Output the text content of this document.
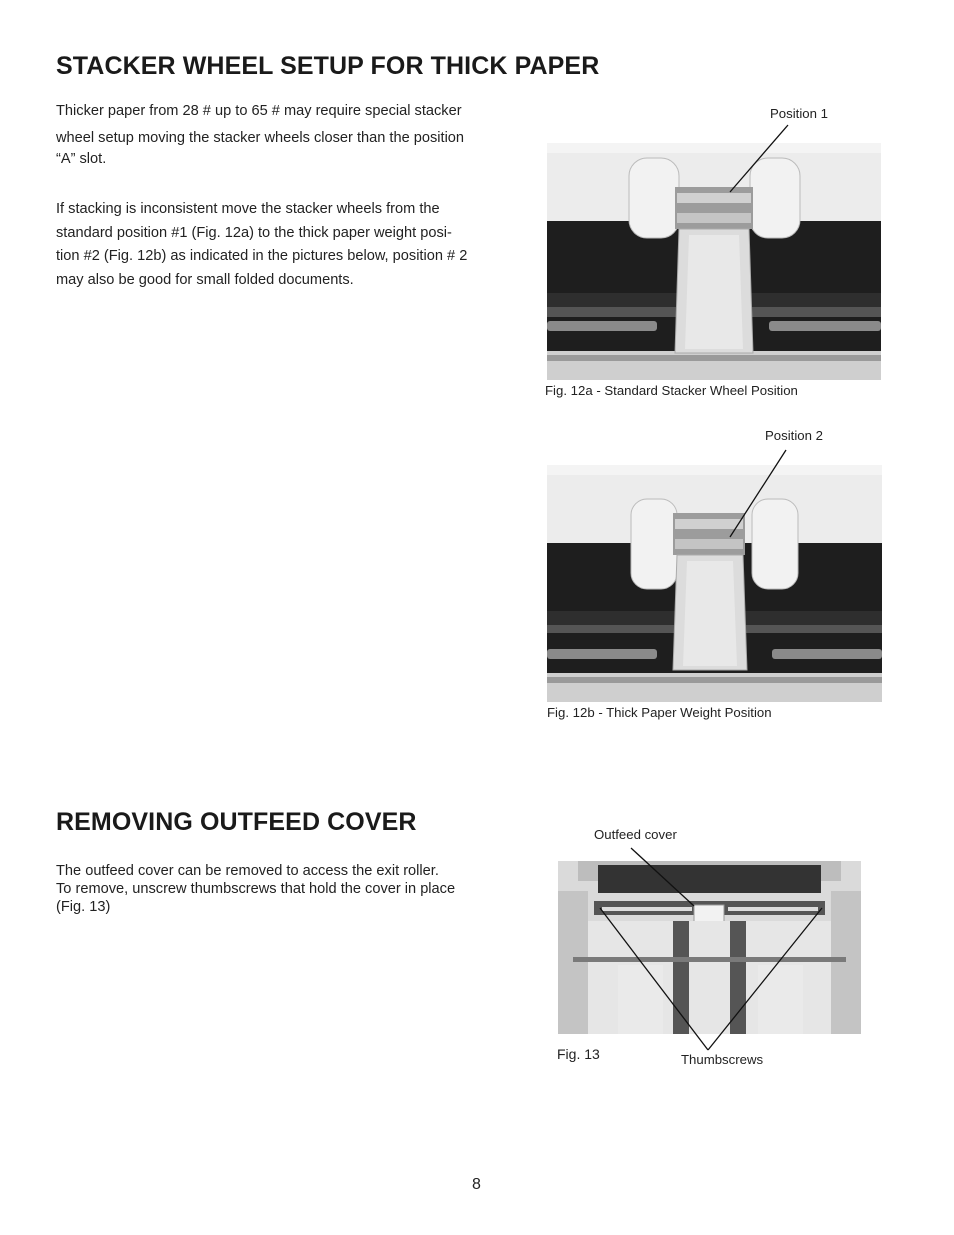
STACKER WHEEL SETUP FOR THICK PAPER
Thicker paper from 28 # up to 65 # may require special stacker
wheel setup moving the stacker wheels closer than the position
“A” slot.
If stacking is inconsistent move the stacker wheels from the
standard position #1 (Fig. 12a) to the thick paper weight posi-
tion #2 (Fig. 12b) as indicated in the pictures below, position # 2
may also be good for small folded documents.
Position 1
Fig. 12a - Standard Stacker Wheel Position
Position 2
Fig. 12b - Thick Paper Weight Position
REMOVING OUTFEED COVER
The outfeed cover can be removed to access the exit roller.
To remove, unscrew thumbscrews that hold the cover in place
(Fig. 13)
Outfeed cover
Fig. 13	Thumbscrews
8
